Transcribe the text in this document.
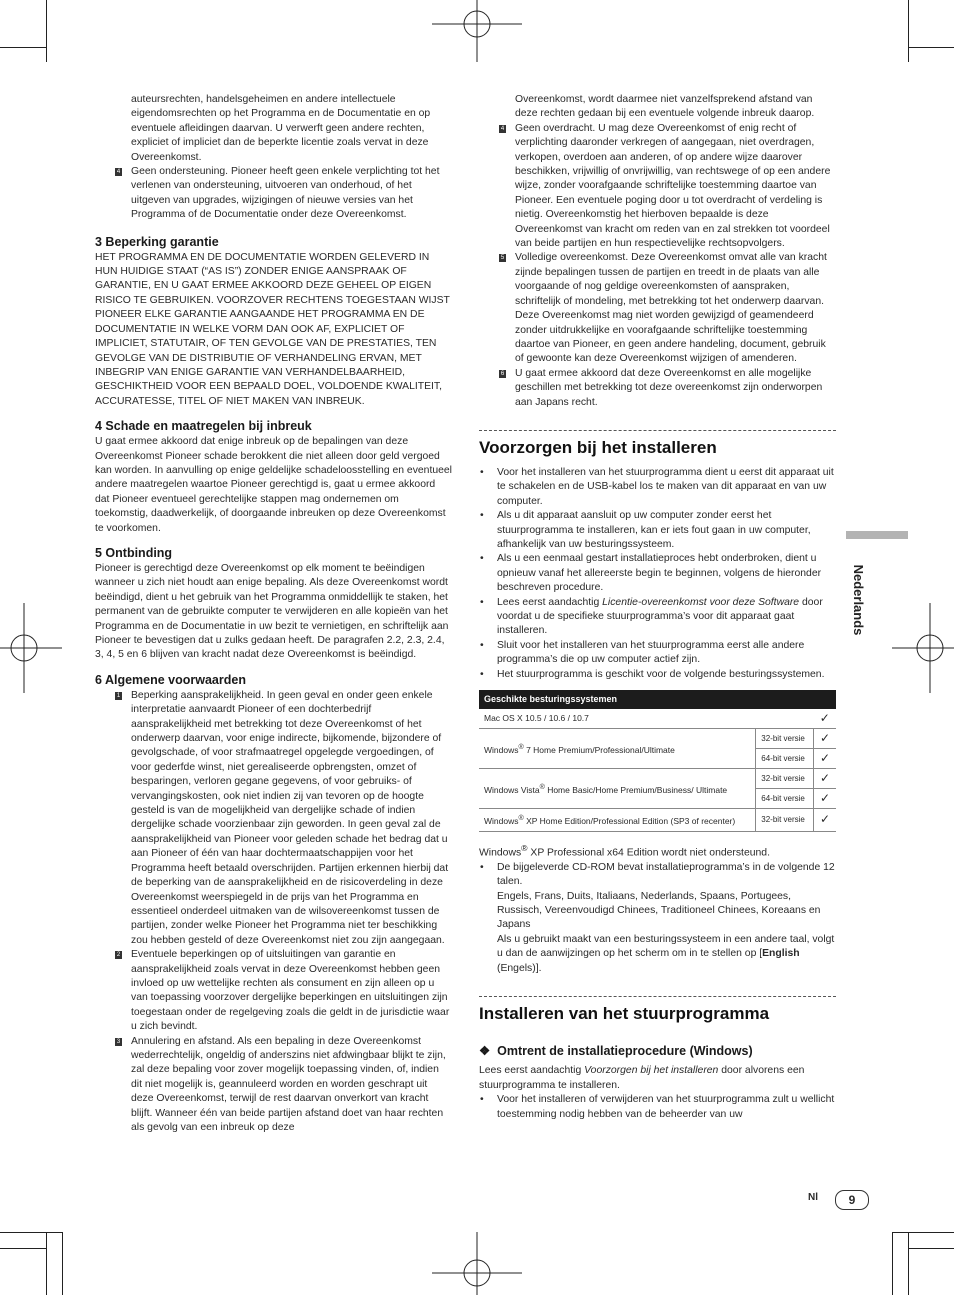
auteursrechten, handelsgeheimen en andere intellectuele eigendomsrechten op het Programma en de Documentatie en op eventuele afleidingen daarvan. U verwerft geen andere rechten, expliciet of impliciet dan de beperkte licentie zoals vervat in deze Overeenkomst.

4 Geen ondersteuning. Pioneer heeft geen enkele verplichting tot het verlenen van ondersteuning, uitvoeren van onderhoud, of het uitgeven van upgrades, wijzigingen of nieuwe versies van het Programma of de Documentatie onder deze Overeenkomst.

3 Beperking garantie

HET PROGRAMMA EN DE DOCUMENTATIE WORDEN GELEVERD IN HUN HUIDIGE STAAT (“AS IS”) ZONDER ENIGE AANSPRAAK OF GARANTIE, EN U GAAT ERMEE AKKOORD DEZE GEHEEL OP EIGEN RISICO TE GEBRUIKEN. VOORZOVER RECHTENS TOEGESTAAN WIJST PIONEER ELKE GARANTIE AANGAANDE HET PROGRAMMA EN DE DOCUMENTATIE IN WELKE VORM DAN OOK AF, EXPLICIET OF IMPLICIET, STATUTAIR, OF TEN GEVOLGE VAN DE PRESTATIES, TEN GEVOLGE VAN DE DISTRIBUTIE OF VERHANDELING ERVAN, MET INBEGRIP VAN ENIGE GARANTIE VAN VERHANDELBAARHEID, GESCHIKTHEID VOOR EEN BEPAALD DOEL, VOLDOENDE KWALITEIT, ACCURATESSE, TITEL OF NIET MAKEN VAN INBREUK.

4 Schade en maatregelen bij inbreuk

U gaat ermee akkoord dat enige inbreuk op de bepalingen van deze Overeenkomst Pioneer schade berokkent die niet alleen door geld vergoed kan worden. In aanvulling op enige geldelijke schadeloosstelling en eventueel andere maatregelen waartoe Pioneer gerechtigd is, gaat u ermee akkoord dat Pioneer eventueel gerechtelijke stappen mag ondernemen om toekomstig, daadwerkelijk, of doorgaande inbreuken op deze Overeenkomst te voorkomen.

5 Ontbinding

Pioneer is gerechtigd deze Overeenkomst op elk moment te beëindigen wanneer u zich niet houdt aan enige bepaling. Als deze Overeenkomst wordt beëindigd, dient u het gebruik van het Programma onmiddellijk te staken, het permanent van de gebruikte computer te verwijderen en alle kopieën van het Programma en de Documentatie in uw bezit te vernietigen, en schriftelijk aan Pioneer te bevestigen dat u zulks gedaan heeft. De paragrafen 2.2, 2.3, 2.4, 3, 4, 5 en 6 blijven van kracht nadat deze Overeenkomst is beëindigd.

6 Algemene voorwaarden
1 Beperking aansprakelijkheid. In geen geval en onder geen enkele interpretatie aanvaardt Pioneer of een dochterbedrijf aansprakelijkheid met betrekking tot deze Overeenkomst of het onderwerp daarvan, voor enige indirecte, bijkomende, bijzondere of gevolgschade, of voor strafmaatregel opgelegde vergoedingen, of voor gederfde winst, niet gerealiseerde opbrengsten, omzet of besparingen, verloren gegane gegevens, of voor gebruiks- of vervangingskosten, ook niet indien zij van tevoren op de hoogte gesteld is van de mogelijkheid van dergelijke schade of indien dergelijke schade voorzienbaar zijn geworden. In geen geval zal de aansprakelijkheid van Pioneer voor geleden schade het bedrag dat u aan Pioneer of één van haar dochtermaatschappijen voor het Programma heeft betaald overschrijden. Partijen erkennen hierbij dat de beperking van de aansprakelijkheid en de risicoverdeling in deze Overeenkomst weerspiegeld in de prijs van het Programma en essentieel onderdeel uitmaken van de wilsovereenkomst tussen de partijen, zonder welke Pioneer het Programma niet ter beschikking zou hebben gesteld of deze Overeenkomst niet zou zijn aangegaan.

2 Eventuele beperkingen op of uitsluitingen van garantie en aansprakelijkheid zoals vervat in deze Overeenkomst hebben geen invloed op uw wettelijke rechten als consument en zijn alleen op u van toepassing voorzover dergelijke beperkingen en uitsluitingen zijn toegestaan onder de regelgeving zoals die geldt in de jurisdictie waar u zich bevindt.

3 Annulering en afstand. Als een bepaling in deze Overeenkomst wederrechtelijk, ongeldig of anderszins niet afdwingbaar blijkt te zijn, zal deze bepaling voor zover mogelijk toepassing vinden, of, indien dit niet mogelijk is, geannuleerd worden en worden geschrapt uit deze Overeenkomst, terwijl de rest daarvan onverkort van kracht blijft. Wanneer één van beide partijen afstand doet van haar rechten als gevolg van een inbreuk op deze

Overeenkomst, wordt daarmee niet vanzelfsprekend afstand van deze rechten gedaan bij een eventuele volgende inbreuk daarop.

4 Geen overdracht. U mag deze Overeenkomst of enig recht of verplichting daaronder verkregen of aangegaan, niet overdragen, verkopen, overdoen aan anderen, of op andere wijze daarover beschikken, vrijwillig of onvrijwillig, van rechtswege of op een andere wijze, zonder voorafgaande schriftelijke toestemming daartoe van Pioneer. Een eventuele poging door u tot overdracht of verdeling is nietig. Overeenkomstig het hierboven bepaalde is deze Overeenkomst van kracht om reden van en zal strekken tot voordeel van beide partijen en hun respectievelijke rechtsopvolgers.

5 Volledige overeenkomst. Deze Overeenkomst omvat alle van kracht zijnde bepalingen tussen de partijen en treedt in de plaats van alle voorgaande of nog geldige overeenkomsten of aanspraken, schriftelijk of mondeling, met betrekking tot het onderwerp daarvan. Deze Overeenkomst mag niet worden gewijzigd of geamendeerd zonder uitdrukkelijke en voorafgaande schriftelijke toestemming daartoe van Pioneer, en geen andere handeling, document, gebruik of gewoonte kan deze Overeenkomst wijzigen of amenderen.

6 U gaat ermee akkoord dat deze Overeenkomst en alle mogelijke geschillen met betrekking tot deze overeenkomst zijn onderworpen aan Japans recht.

Voorzorgen bij het installeren
• Voor het installeren van het stuurprogramma dient u eerst dit apparaat uit te schakelen en de USB-kabel los te maken van dit apparaat en van uw computer.
• Als u dit apparaat aansluit op uw computer zonder eerst het stuurprogramma te installeren, kan er iets fout gaan in uw computer, afhankelijk van uw besturingssysteem.
• Als u een eenmaal gestart installatieproces hebt onderbroken, dient u opnieuw vanaf het allereerste begin te beginnen, volgens de hieronder beschreven procedure.
• Lees eerst aandachtig Licentie-overeenkomst voor deze Software door voordat u de specifieke stuurprogramma’s voor dit apparaat gaat installeren.
• Sluit voor het installeren van het stuurprogramma eerst alle andere programma’s die op uw computer actief zijn.
• Het stuurprogramma is geschikt voor de volgende besturingssystemen.
Geschikte besturingssystemen		
Mac OS X 10.5 / 10.6 / 10.7		✓
Windows® 7 Home Premium/Professional/Ultimate	32-bit versie	✓
	64-bit versie	✓
Windows Vista® Home Basic/Home Premium/Business/ Ultimate	32-bit versie	✓
	64-bit versie	✓
Windows® XP Home Edition/Professional Edition (SP3 of recenter)	32-bit versie	✓

Windows® XP Professional x64 Edition wordt niet ondersteund.

• De bijgeleverde CD-ROM bevat installatieprogramma’s in de volgende 12 talen.
Engels, Frans, Duits, Italiaans, Nederlands, Spaans, Portugees, Russisch, Vereenvoudigd Chinees, Traditioneel Chinees, Koreaans en Japans
Als u gebruikt maakt van een besturingssysteem in een andere taal, volgt u dan de aanwijzingen op het scherm om in te stellen op [English (Engels)].
Installeren van het stuurprogramma
❖ Omtrent de installatieprocedure (Windows)

Lees eerst aandachtig Voorzorgen bij het installeren door alvorens een stuurprogramma te installeren.

• Voor het installeren of verwijderen van het stuurprogramma zult u wellicht toestemming nodig hebben van de beheerder van uw
Nederlands
Nl	9
